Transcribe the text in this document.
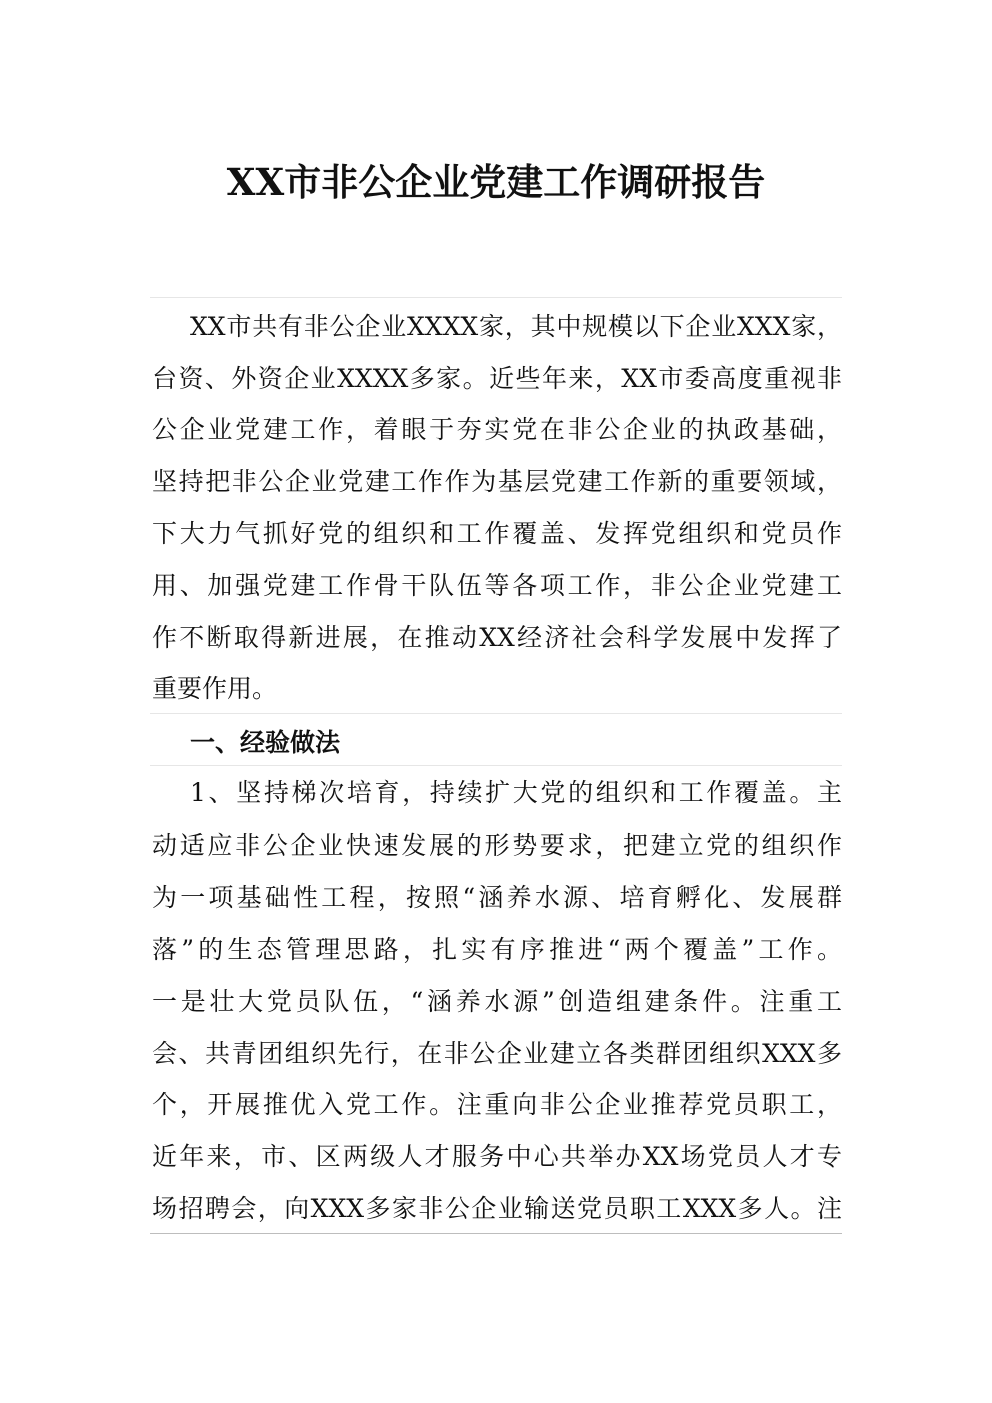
XX市非公企业党建工作调研报告
XX市共有非公企业XXXX家，其中规模以下企业XXX家，
台资、外资企业XXXX多家。近些年来，XX市委高度重视非
公企业党建工作，着眼于夯实党在非公企业的执政基础，
坚持把非公企业党建工作作为基层党建工作新的重要领域，
下大力气抓好党的组织和工作覆盖、发挥党组织和党员作
用、加强党建工作骨干队伍等各项工作，非公企业党建工
作不断取得新进展，在推动XX经济社会科学发展中发挥了
重要作用。
一、经验做法
1、坚持梯次培育，持续扩大党的组织和工作覆盖。主
动适应非公企业快速发展的形势要求，把建立党的组织作
为一项基础性工程，按照“涵养水源、培育孵化、发展群
落”的生态管理思路，扎实有序推进“两个覆盖”工作。
一是壮大党员队伍，“涵养水源”创造组建条件。注重工
会、共青团组织先行，在非公企业建立各类群团组织XXX多
个，开展推优入党工作。注重向非公企业推荐党员职工，
近年来，市、区两级人才服务中心共举办XX场党员人才专
场招聘会，向XXX多家非公企业输送党员职工XXX多人。注
